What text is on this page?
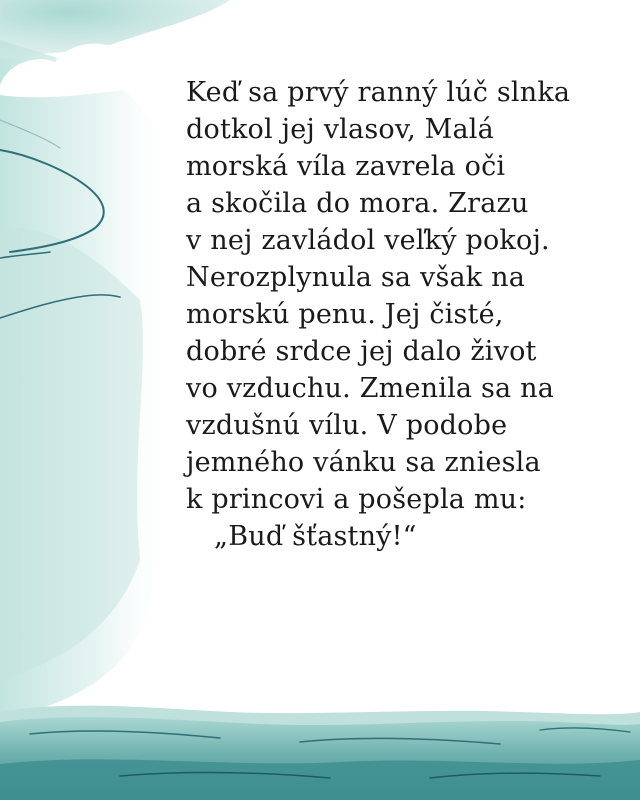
Keď sa prvý ranný lúč slnka
dotkol jej vlasov, Malá
morská víla zavrela oči
a skočila do mora. Zrazu
v nej zavládol veľký pokoj.
Nerozplynula sa však na
morskú penu. Jej čisté,
dobré srdce jej dalo život
vo vzduchu. Zmenila sa na
vzdušnú vílu. V podobe
jemného vánku sa zniesla
k princovi a pošepla mu:
„Buď šťastný!“
